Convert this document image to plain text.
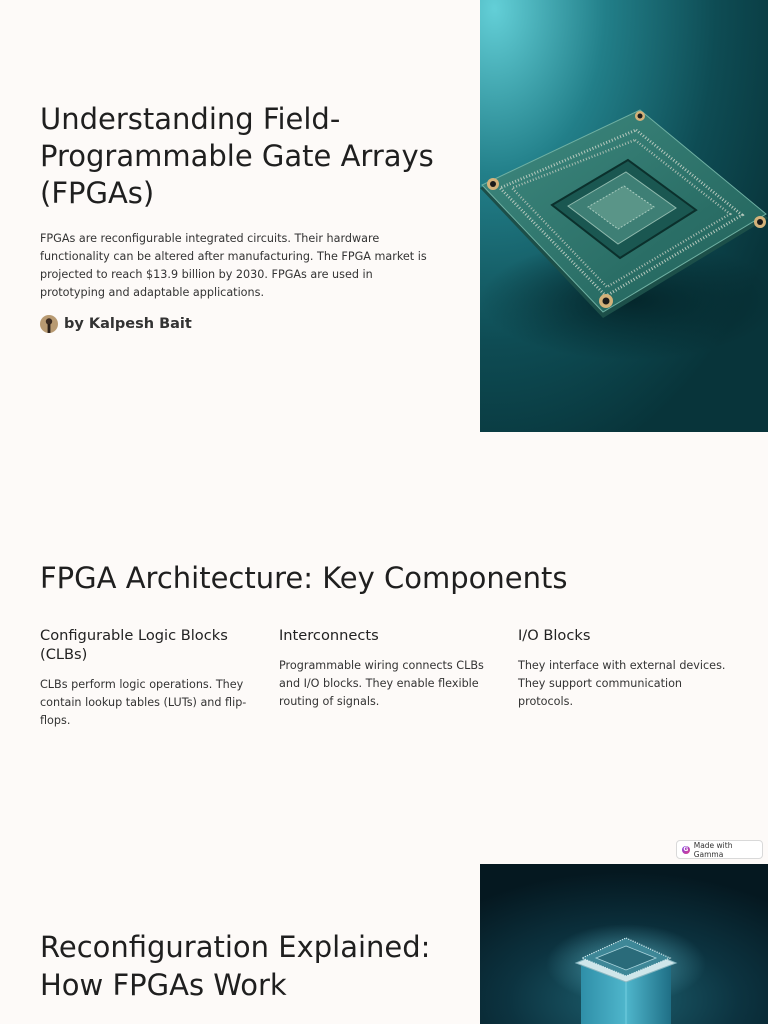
Understanding Field-Programmable Gate Arrays (FPGAs)

FPGAs are reconfigurable integrated circuits. Their hardware functionality can be altered after manufacturing. The FPGA market is projected to reach $13.9 billion by 2030. FPGAs are used in prototyping and adaptable applications.

by Kalpesh Bait
FPGA Architecture: Key Components
Configurable Logic Blocks (CLBs)

CLBs perform logic operations. They contain lookup tables (LUTs) and flip-flops.

Interconnects

Programmable wiring connects CLBs and I/O blocks. They enable flexible routing of signals.

I/O Blocks

They interface with external devices. They support communication protocols.

G Made with Gamma
Reconfiguration Explained: How FPGAs Work
